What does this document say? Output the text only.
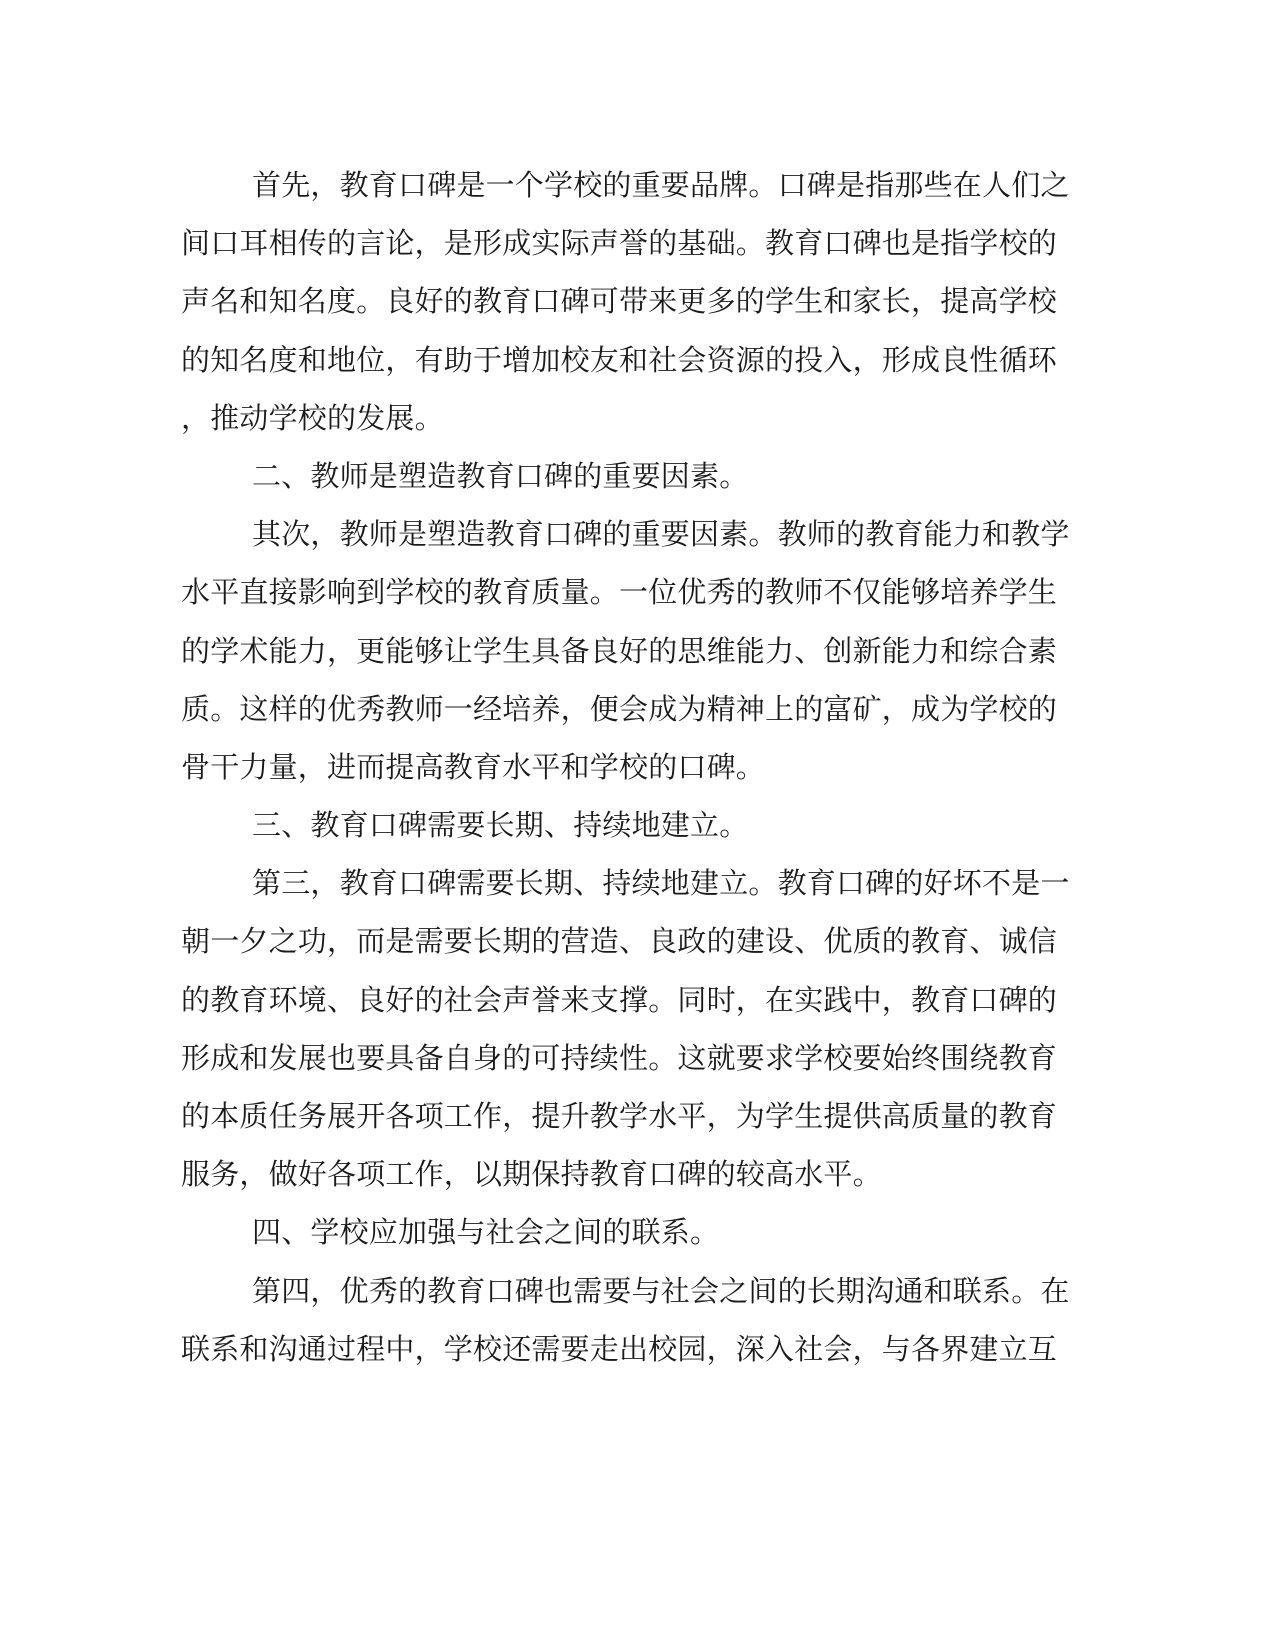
首先，教育口碑是一个学校的重要品牌。口碑是指那些在人们之
间口耳相传的言论，是形成实际声誉的基础。教育口碑也是指学校的
声名和知名度。良好的教育口碑可带来更多的学生和家长，提高学校
的知名度和地位，有助于增加校友和社会资源的投入，形成良性循环
，推动学校的发展。
二、教师是塑造教育口碑的重要因素。
其次，教师是塑造教育口碑的重要因素。教师的教育能力和教学
水平直接影响到学校的教育质量。一位优秀的教师不仅能够培养学生
的学术能力，更能够让学生具备良好的思维能力、创新能力和综合素
质。这样的优秀教师一经培养，便会成为精神上的富矿，成为学校的
骨干力量，进而提高教育水平和学校的口碑。
三、教育口碑需要长期、持续地建立。
第三，教育口碑需要长期、持续地建立。教育口碑的好坏不是一
朝一夕之功，而是需要长期的营造、良政的建设、优质的教育、诚信
的教育环境、良好的社会声誉来支撑。同时，在实践中，教育口碑的
形成和发展也要具备自身的可持续性。这就要求学校要始终围绕教育
的本质任务展开各项工作，提升教学水平，为学生提供高质量的教育
服务，做好各项工作，以期保持教育口碑的较高水平。
四、学校应加强与社会之间的联系。
第四，优秀的教育口碑也需要与社会之间的长期沟通和联系。在
联系和沟通过程中，学校还需要走出校园，深入社会，与各界建立互
